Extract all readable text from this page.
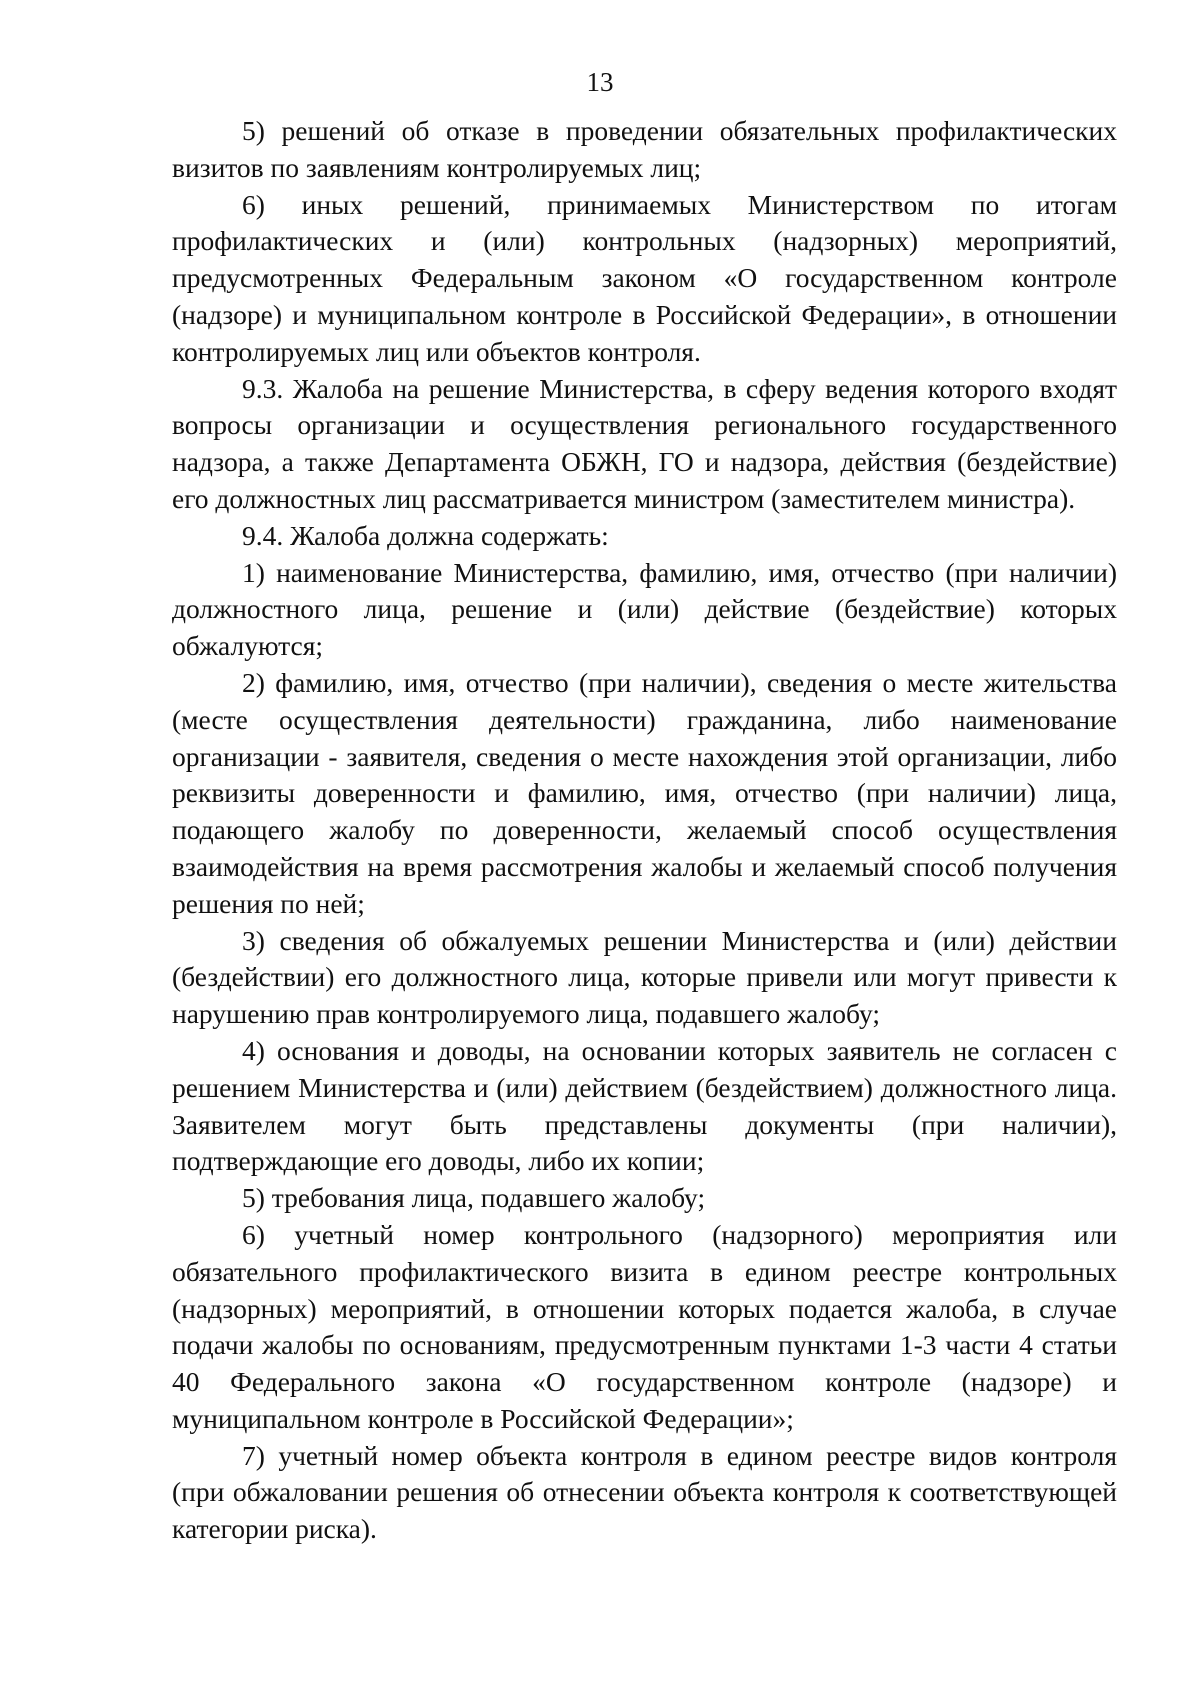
13

5) решений об отказе в проведении обязательных профилактических визитов по заявлениям контролируемых лиц;

6) иных решений, принимаемых Министерством по итогам профилактических и (или) контрольных (надзорных) мероприятий, предусмотренных Федеральным законом «О государственном контроле (надзоре) и муниципальном контроле в Российской Федерации», в отношении контролируемых лиц или объектов контроля.

9.3. Жалоба на решение Министерства, в сферу ведения которого входят вопросы организации и осуществления регионального государственного надзора, а также Департамента ОБЖН, ГО и надзора, действия (бездействие) его должностных лиц рассматривается министром (заместителем министра).

9.4. Жалоба должна содержать:

1) наименование Министерства, фамилию, имя, отчество (при наличии) должностного лица, решение и (или) действие (бездействие) которых обжалуются;

2) фамилию, имя, отчество (при наличии), сведения о месте жительства (месте осуществления деятельности) гражданина, либо наименование организации - заявителя, сведения о месте нахождения этой организации, либо реквизиты доверенности и фамилию, имя, отчество (при наличии) лица, подающего жалобу по доверенности, желаемый способ осуществления взаимодействия на время рассмотрения жалобы и желаемый способ получения решения по ней;

3) сведения об обжалуемых решении Министерства и (или) действии (бездействии) его должностного лица, которые привели или могут привести к нарушению прав контролируемого лица, подавшего жалобу;

4) основания и доводы, на основании которых заявитель не согласен с решением Министерства и (или) действием (бездействием) должностного лица. Заявителем могут быть представлены документы (при наличии), подтверждающие его доводы, либо их копии;

5) требования лица, подавшего жалобу;

6) учетный номер контрольного (надзорного) мероприятия или обязательного профилактического визита в едином реестре контрольных (надзорных) мероприятий, в отношении которых подается жалоба, в случае подачи жалобы по основаниям, предусмотренным пунктами 1-3 части 4 статьи 40 Федерального закона «О государственном контроле (надзоре) и муниципальном контроле в Российской Федерации»;

7) учетный номер объекта контроля в едином реестре видов контроля (при обжаловании решения об отнесении объекта контроля к соответствующей категории риска).
